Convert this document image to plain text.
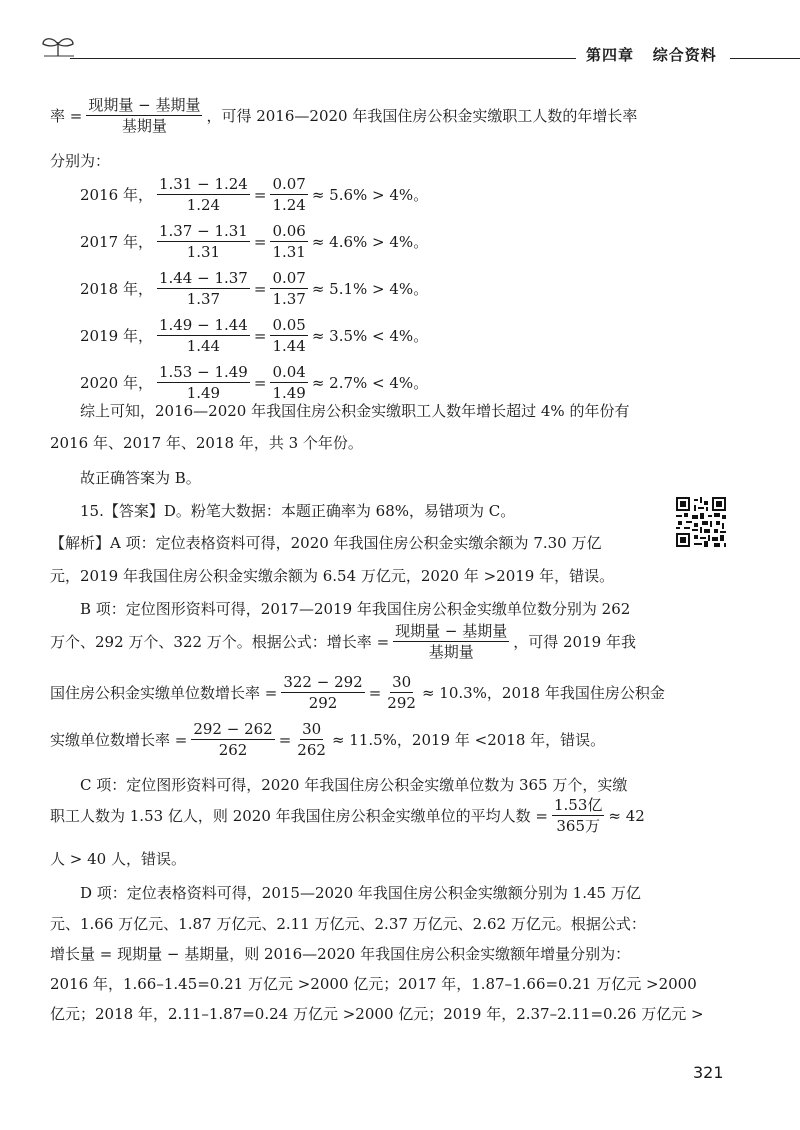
第四章 综合资料
率 = $\frac{\text{现期量 − 基期量}}{\text{基期量}}$ ，可得 2016—2020 年我国住房公积金实缴职工人数的年增长率
分别为：
2016 年， $\frac{1.31 - 1.24}{1.24} = \frac{0.07}{1.24} \approx 5.6\% > 4\%$。
2017 年， $\frac{1.37 - 1.31}{1.31} = \frac{0.06}{1.31} \approx 4.6\% > 4\%$。
2018 年， $\frac{1.44 - 1.37}{1.37} = \frac{0.07}{1.37} \approx 5.1\% > 4\%$。
2019 年， $\frac{1.49 - 1.44}{1.44} = \frac{0.05}{1.44} \approx 3.5\% < 4\%$。
2020 年， $\frac{1.53 - 1.49}{1.49} = \frac{0.04}{1.49} \approx 2.7\% < 4\%$。
综上可知，2016—2020 年我国住房公积金实缴职工人数年增长超过 4% 的年份有
2016 年、2017 年、2018 年，共 3 个年份。
故正确答案为 B。
15.【答案】D。粉笔大数据：本题正确率为 68%，易错项为 C。
【解析】A 项：定位表格资料可得，2020 年我国住房公积金实缴余额为 7.30 万亿
元，2019 年我国住房公积金实缴余额为 6.54 万亿元，2020 年 >2019 年，错误。
B 项：定位图形资料可得，2017—2019 年我国住房公积金实缴单位数分别为 262
万个、292 万个、322 万个。根据公式：增长率 = $\frac{\text{现期量 − 基期量}}{\text{基期量}}$ ，可得 2019 年我
国住房公积金实缴单位数增长率 = $\frac{322 - 292}{292} = \frac{30}{292} \approx 10.3\%$，2018 年我国住房公积金
实缴单位数增长率 = $\frac{292 - 262}{262} = \frac{30}{262} \approx 11.5\%$，2019 年 <2018 年，错误。
C 项：定位图形资料可得，2020 年我国住房公积金实缴单位数为 365 万个，实缴
职工人数为 1.53 亿人，则 2020 年我国住房公积金实缴单位的平均人数 = $\frac{\text{1.53亿}}{\text{365万}} \approx 42$
人 > 40 人，错误。
D 项：定位表格资料可得，2015—2020 年我国住房公积金实缴额分别为 1.45 万亿
元、1.66 万亿元、1.87 万亿元、2.11 万亿元、2.37 万亿元、2.62 万亿元。根据公式：
增长量 = 现期量 − 基期量，则 2016—2020 年我国住房公积金实缴额年增量分别为：
2016 年，1.66–1.45=0.21 万亿元 >2000 亿元；2017 年，1.87–1.66=0.21 万亿元 >2000
亿元；2018 年，2.11–1.87=0.24 万亿元 >2000 亿元；2019 年，2.37–2.11=0.26 万亿元 >
321
